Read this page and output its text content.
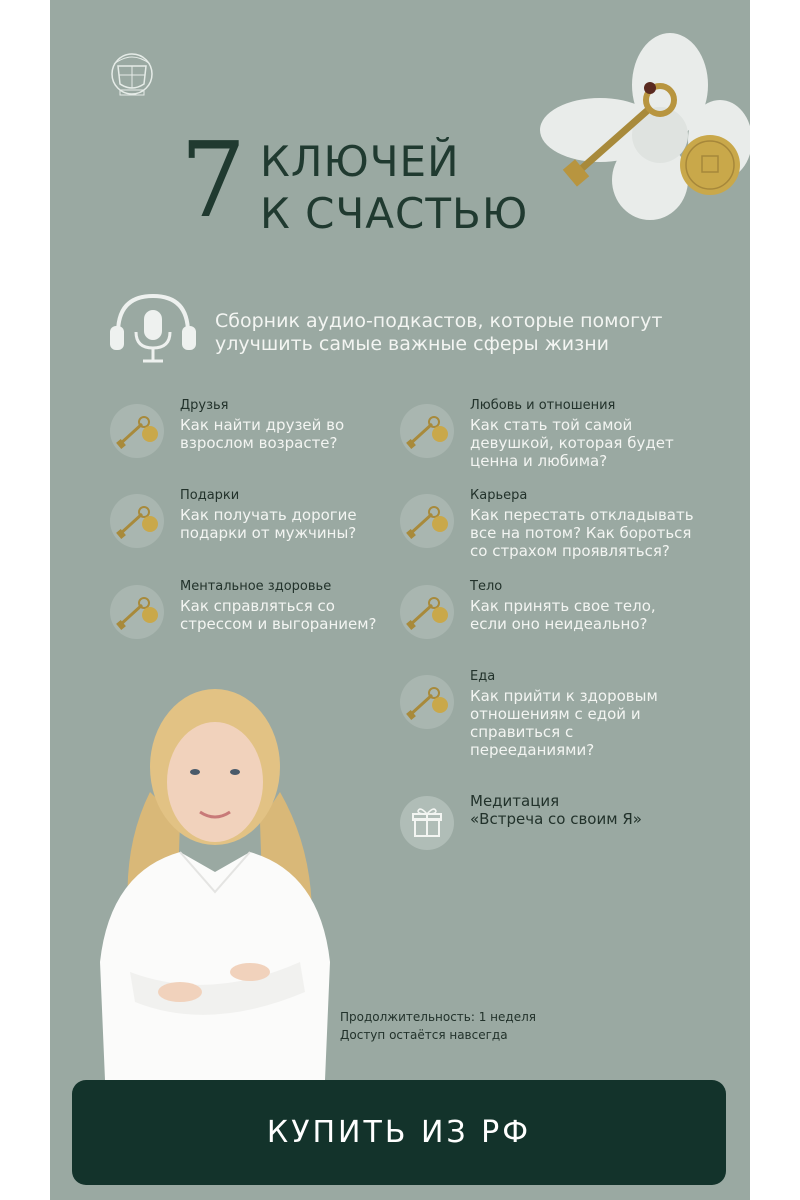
7 КЛЮЧЕЙ
К СЧАСТЬЮ
Сборник аудио-подкастов, которые помогут улучшить самые важные сферы жизни
Друзья
Как найти друзей во взрослом возрасте?
Любовь и отношения
Как стать той самой девушкой, которая будет ценна и любима?
Подарки
Как получать дорогие подарки от мужчины?
Карьера
Как перестать откладывать все на потом? Как бороться со страхом проявляться?
Ментальное здоровье
Как справляться со стрессом и выгоранием?
Тело
Как принять свое тело, если оно неидеально?
Еда
Как прийти к здоровым отношениям с едой и справиться с перееданиями?
Медитация
«Встреча со своим Я»
Продолжительность: 1 неделя
Доступ остаётся навсегда
КУПИТЬ ИЗ РФ
